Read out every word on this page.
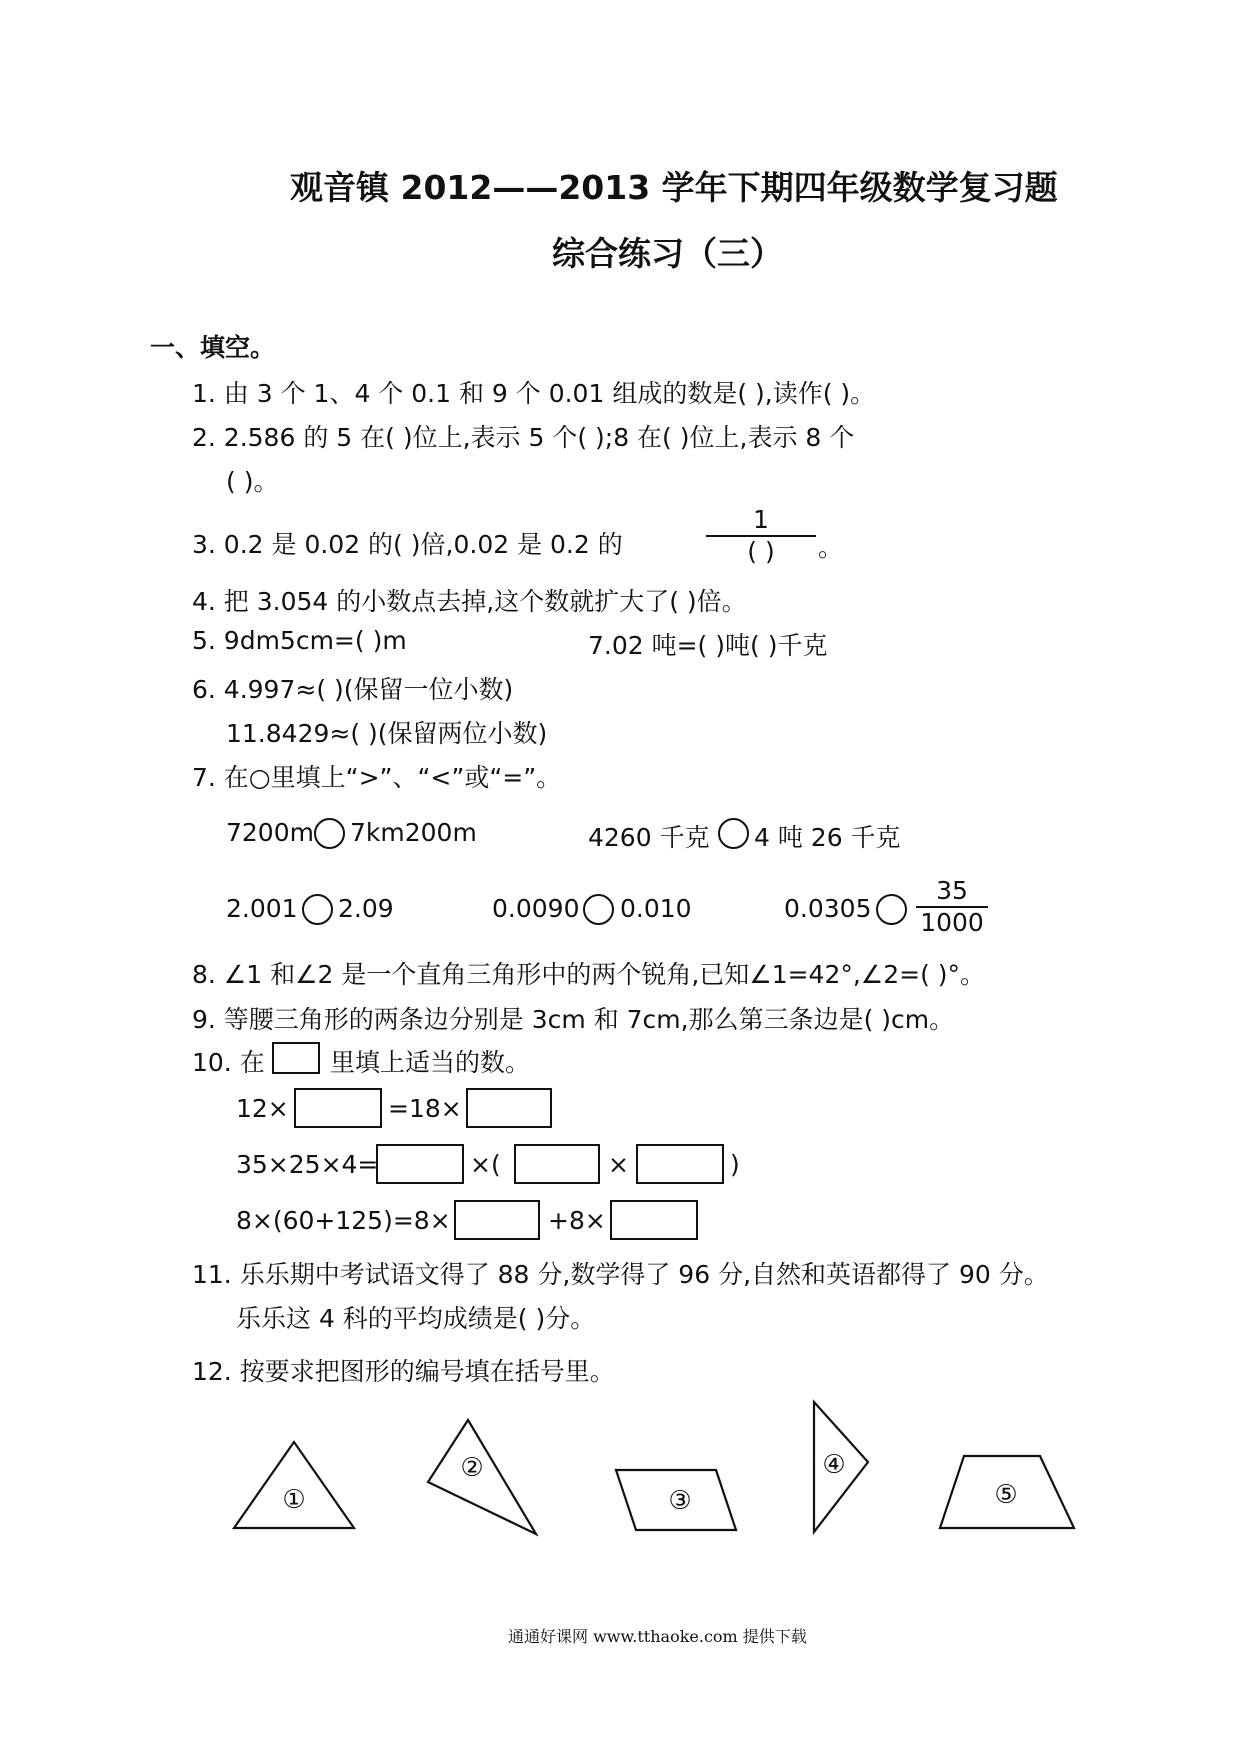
观音镇 2012——2013 学年下期四年级数学复习题
综合练习（三）
一、填空。
1. 由 3 个 1、4 个 0.1 和 9 个 0.01 组成的数是( ),读作( )。
2. 2.586 的 5 在( )位上,表示 5 个( );8 在( )位上,表示 8 个
( )。
3. 0.2 是 0.02 的( )倍,0.02 是 0.2 的
1
( )	。
4. 把 3.054 的小数点去掉,这个数就扩大了( )倍。
5. 9dm5cm=( )m	7.02 吨=( )吨( )千克
6. 4.997≈( )(保留一位小数)
11.8429≈( )(保留两位小数)
7. 在○里填上“>”、“<”或“=”。
7200m 7km200m	4260 千克 4 吨 26 千克
2.001 2.09	0.0090 0.010	0.0305
35
1000
8. ∠1 和∠2 是一个直角三角形中的两个锐角,已知∠1=42°,∠2=( )°。
9. 等腰三角形的两条边分别是 3cm 和 7cm,那么第三条边是( )cm。
10. 在	里填上适当的数。
12×	=18×
35×25×4=	×(	×	)
8×(60+125)=8×	+8×
11. 乐乐期中考试语文得了 88 分,数学得了 96 分,自然和英语都得了 90 分。
乐乐这 4 科的平均成绩是( )分。
12. 按要求把图形的编号填在括号里。
①
②
③
④
⑤
通通好课网 www.tthaoke.com 提供下载
